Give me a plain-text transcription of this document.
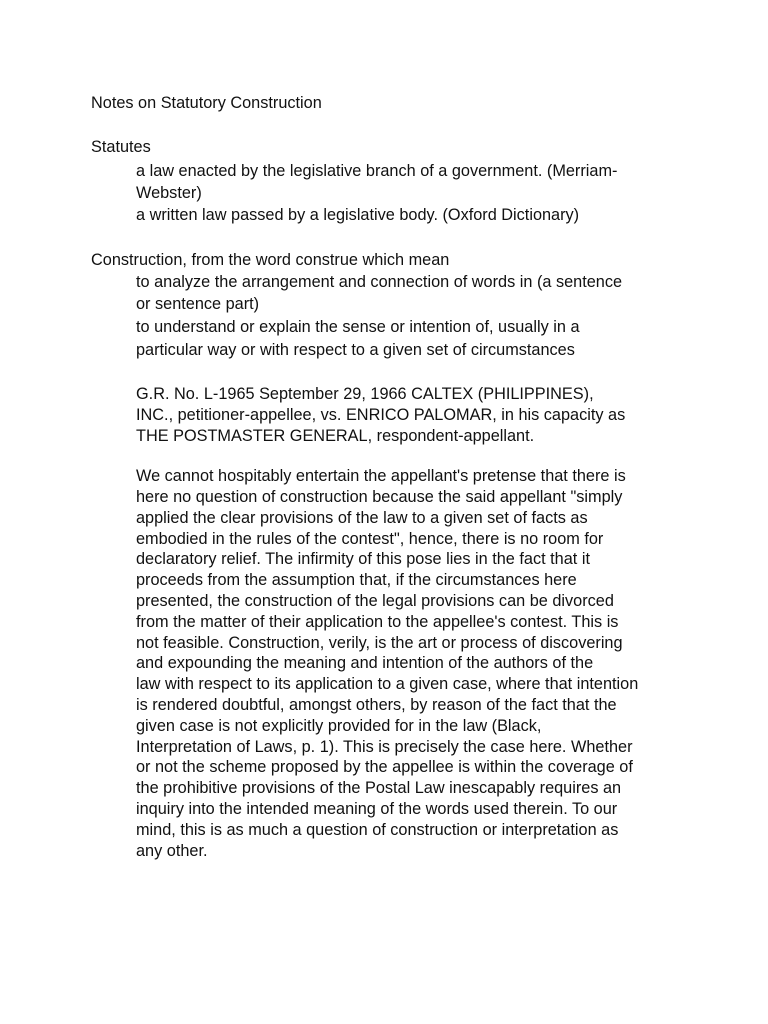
Notes on Statutory Construction
Statutes
a law enacted by the legislative branch of a government. (Merriam-
Webster)
a written law passed by a legislative body. (Oxford Dictionary)
Construction, from the word construe which mean
to analyze the arrangement and connection of words in (a sentence
or sentence part)
to understand or explain the sense or intention of, usually in a
particular way or with respect to a given set of circumstances
G.R. No. L-1965 September 29, 1966 CALTEX (PHILIPPINES),
INC., petitioner-appellee, vs. ENRICO PALOMAR, in his capacity as
THE POSTMASTER GENERAL, respondent-appellant.
We cannot hospitably entertain the appellant's pretense that there is
here no question of construction because the said appellant "simply
applied the clear provisions of the law to a given set of facts as
embodied in the rules of the contest", hence, there is no room for
declaratory relief. The infirmity of this pose lies in the fact that it
proceeds from the assumption that, if the circumstances here
presented, the construction of the legal provisions can be divorced
from the matter of their application to the appellee's contest. This is
not feasible. Construction, verily, is the art or process of discovering
and expounding the meaning and intention of the authors of the
law with respect to its application to a given case, where that intention
is rendered doubtful, amongst others, by reason of the fact that the
given case is not explicitly provided for in the law (Black,
Interpretation of Laws, p. 1). This is precisely the case here. Whether
or not the scheme proposed by the appellee is within the coverage of
the prohibitive provisions of the Postal Law inescapably requires an
inquiry into the intended meaning of the words used therein. To our
mind, this is as much a question of construction or interpretation as
any other.
